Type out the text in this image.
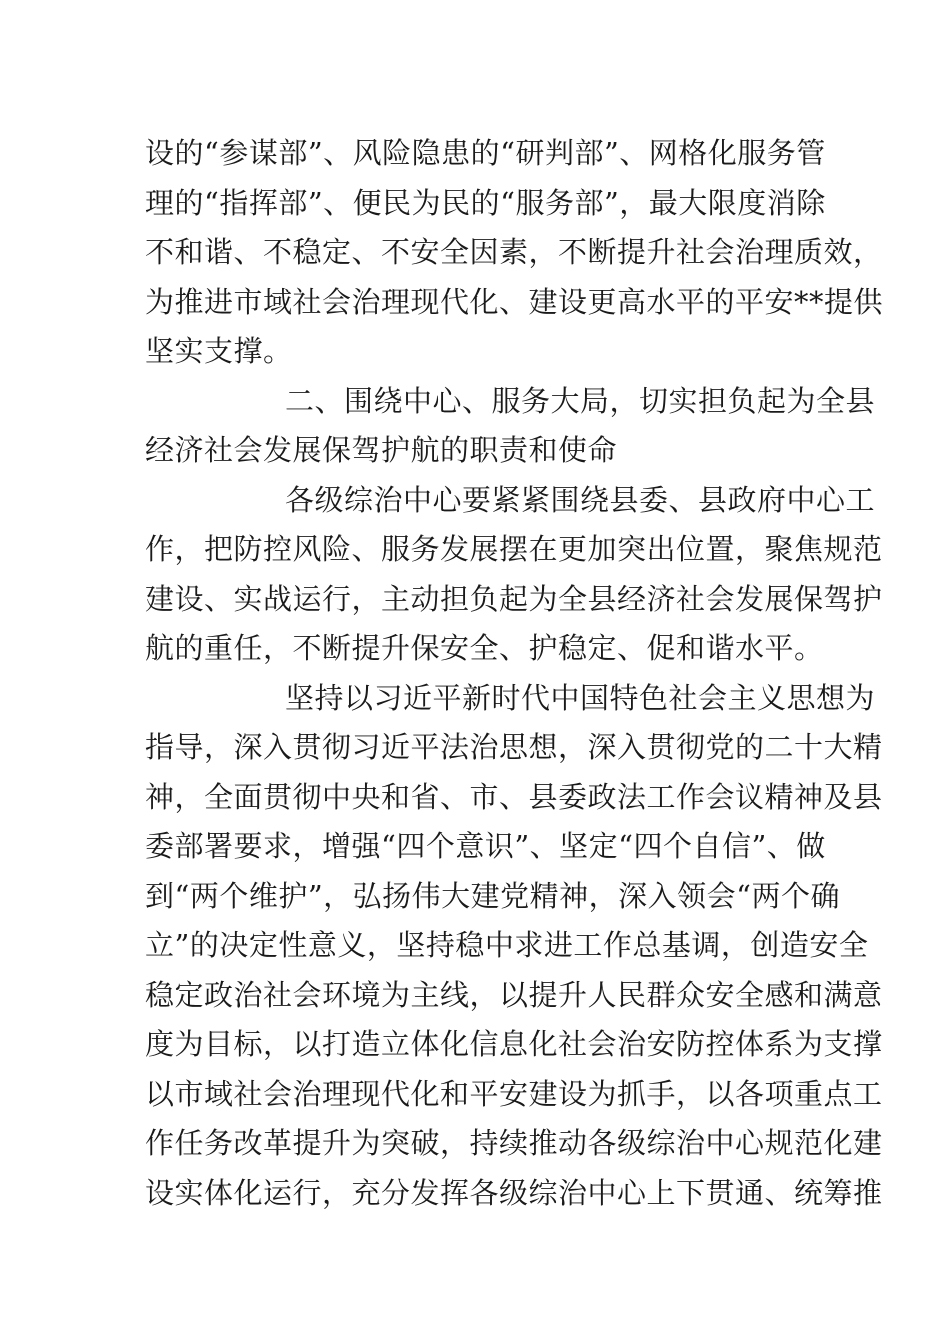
设的“参谋部”、风险隐患的“研判部”、网格化服务管
理的“指挥部”、便民为民的“服务部”，最大限度消除
不和谐、不稳定、不安全因素，不断提升社会治理质效，
为推进市域社会治理现代化、建设更高水平的平安**提供
坚实支撑。
二、围绕中心、服务大局，切实担负起为全县
经济社会发展保驾护航的职责和使命
各级综治中心要紧紧围绕县委、县政府中心工
作，把防控风险、服务发展摆在更加突出位置，聚焦规范
建设、实战运行，主动担负起为全县经济社会发展保驾护
航的重任，不断提升保安全、护稳定、促和谐水平。
坚持以习近平新时代中国特色社会主义思想为
指导，深入贯彻习近平法治思想，深入贯彻党的二十大精
神，全面贯彻中央和省、市、县委政法工作会议精神及县
委部署要求，增强“四个意识”、坚定“四个自信”、做
到“两个维护”，弘扬伟大建党精神，深入领会“两个确
立”的决定性意义，坚持稳中求进工作总基调，创造安全
稳定政治社会环境为主线，以提升人民群众安全感和满意
度为目标，以打造立体化信息化社会治安防控体系为支撑
以市域社会治理现代化和平安建设为抓手，以各项重点工
作任务改革提升为突破，持续推动各级综治中心规范化建
设实体化运行，充分发挥各级综治中心上下贯通、统筹推
